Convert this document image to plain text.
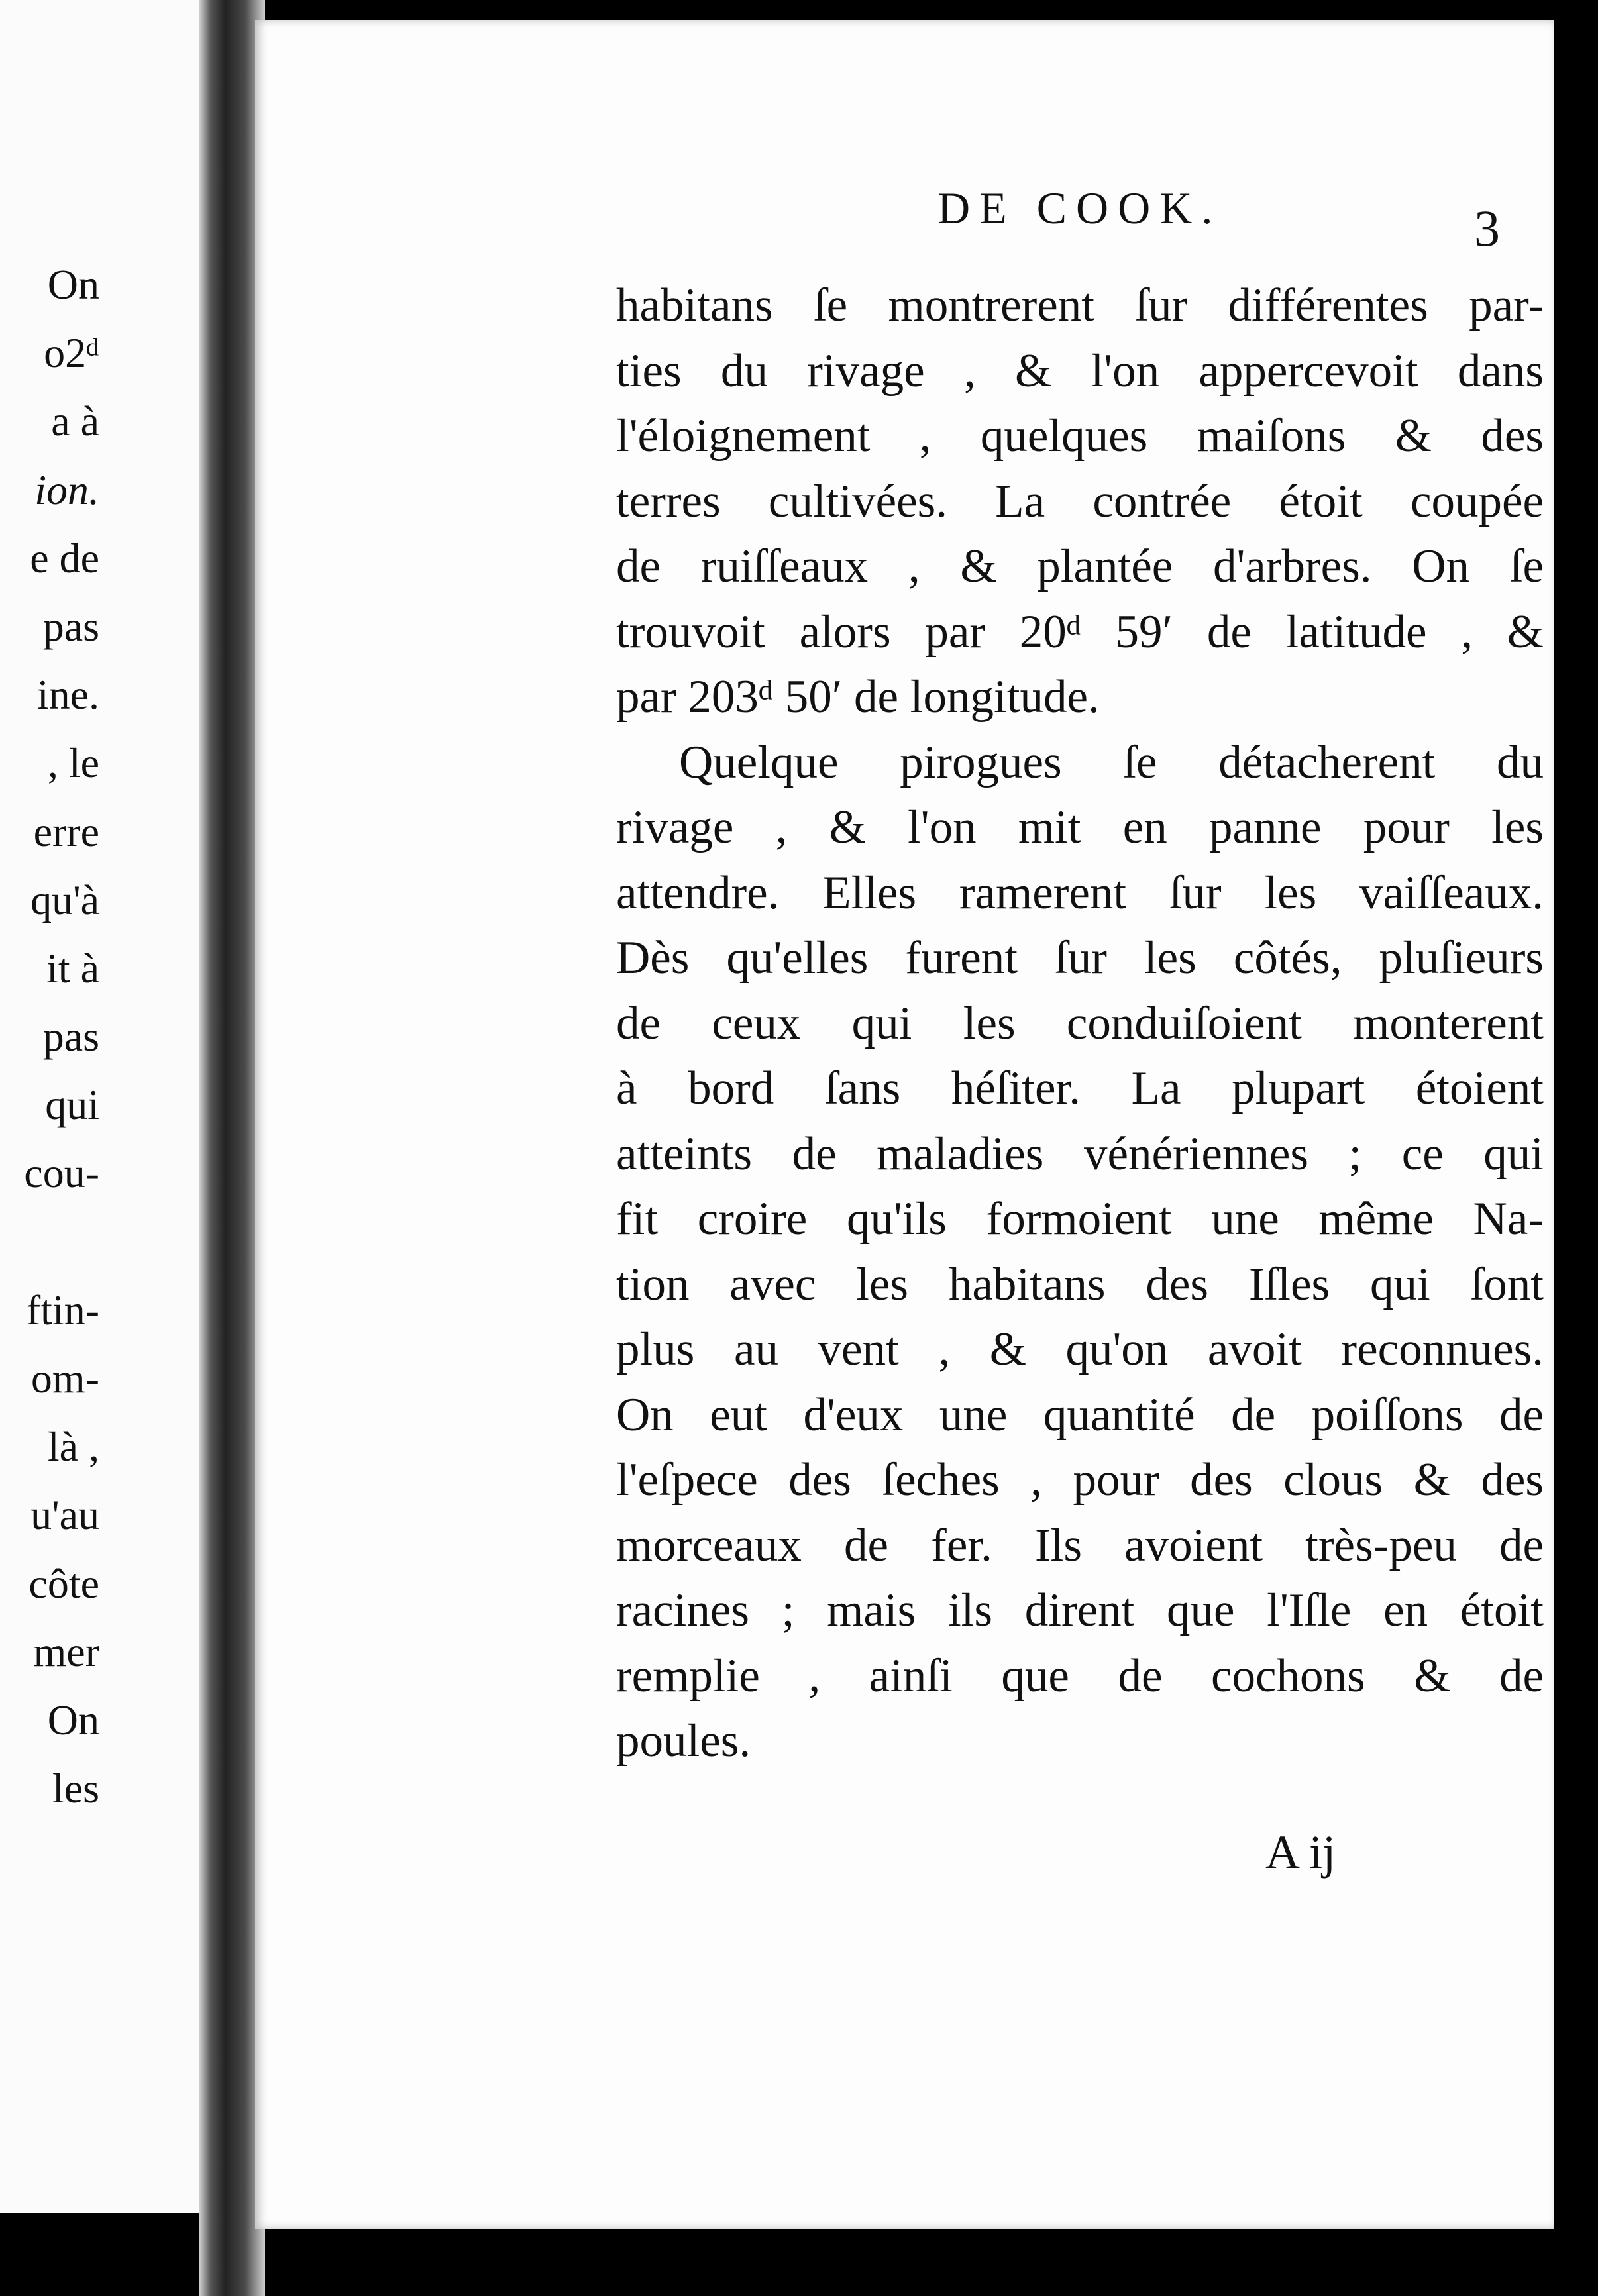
On
o2ᵈ
a à
ion.
e de
pas
ine.
, le
erre
qu'à
it à
pas
qui
cou-
ftin-
om-
là ,
u'au
côte
mer
On
les
DE COOK.	3
habitans ſe montrerent ſur différentes par-
ties du rivage , & l'on appercevoit dans
l'éloignement , quelques maiſons & des
terres cultivées. La contrée étoit coupée
de ruiſſeaux , & plantée d'arbres. On ſe
trouvoit alors par 20ᵈ 59′ de latitude , &
par 203ᵈ 50′ de longitude.
Quelque pirogues ſe détacherent du
rivage , & l'on mit en panne pour les
attendre. Elles ramerent ſur les vaiſſeaux.
Dès qu'elles furent ſur les côtés, pluſieurs
de ceux qui les conduiſoient monterent
à bord ſans héſiter. La plupart étoient
atteints de maladies vénériennes ; ce qui
fit croire qu'ils formoient une même Na-
tion avec les habitans des Iſles qui ſont
plus au vent , & qu'on avoit reconnues.
On eut d'eux une quantité de poiſſons de
l'eſpece des ſeches , pour des clous & des
morceaux de fer. Ils avoient très-peu de
racines ; mais ils dirent que l'Iſle en étoit
remplie , ainſi que de cochons & de
poules.
A ij
